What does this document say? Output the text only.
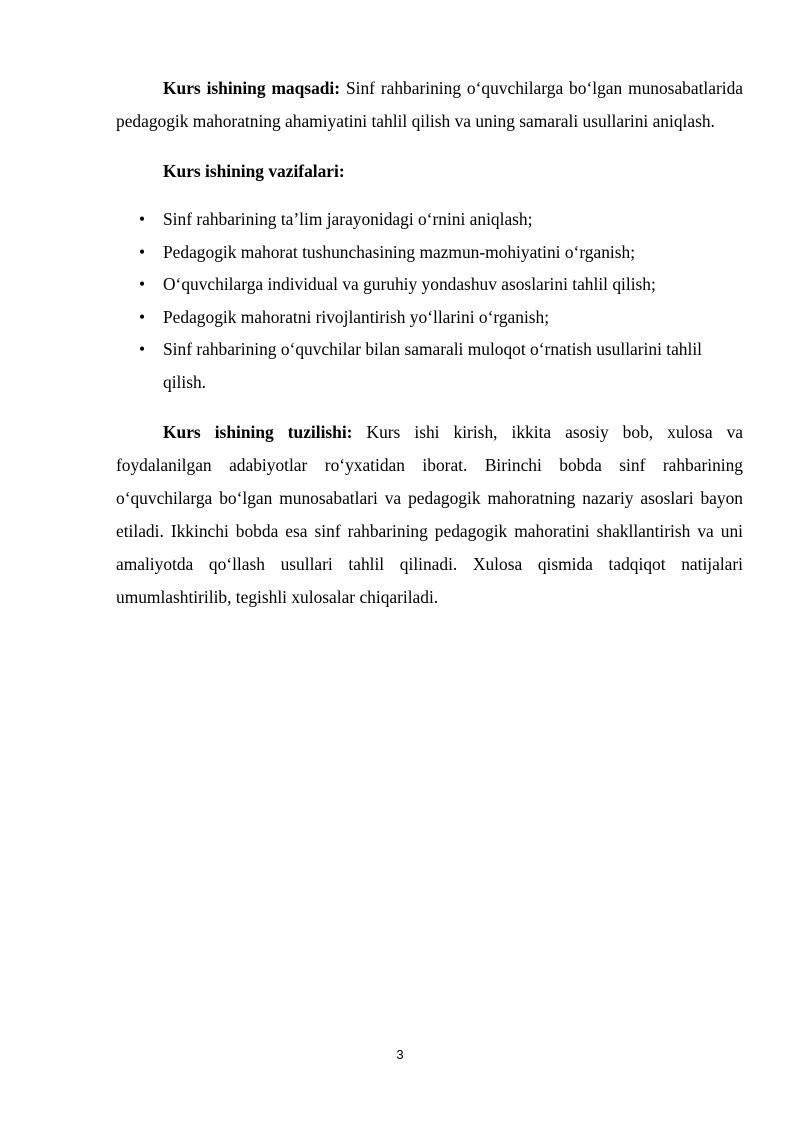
Kurs ishining maqsadi: Sinf rahbarining o‘quvchilarga bo‘lgan munosabatlarida pedagogik mahoratning ahamiyatini tahlil qilish va uning samarali usullarini aniqlash.

Kurs ishining vazifalari:

• Sinf rahbarining ta’lim jarayonidagi o‘rnini aniqlash;
• Pedagogik mahorat tushunchasining mazmun-mohiyatini o‘rganish;
• O‘quvchilarga individual va guruhiy yondashuv asoslarini tahlil qilish;
• Pedagogik mahoratni rivojlantirish yo‘llarini o‘rganish;
• Sinf rahbarining o‘quvchilar bilan samarali muloqot o‘rnatish usullarini tahlil qilish.

Kurs ishining tuzilishi: Kurs ishi kirish, ikkita asosiy bob, xulosa va foydalanilgan adabiyotlar ro‘yxatidan iborat. Birinchi bobda sinf rahbarining o‘quvchilarga bo‘lgan munosabatlari va pedagogik mahoratning nazariy asoslari bayon etiladi. Ikkinchi bobda esa sinf rahbarining pedagogik mahoratini shakllantirish va uni amaliyotda qo‘llash usullari tahlil qilinadi. Xulosa qismida tadqiqot natijalari umumlashtirilib, tegishli xulosalar chiqariladi.

3
